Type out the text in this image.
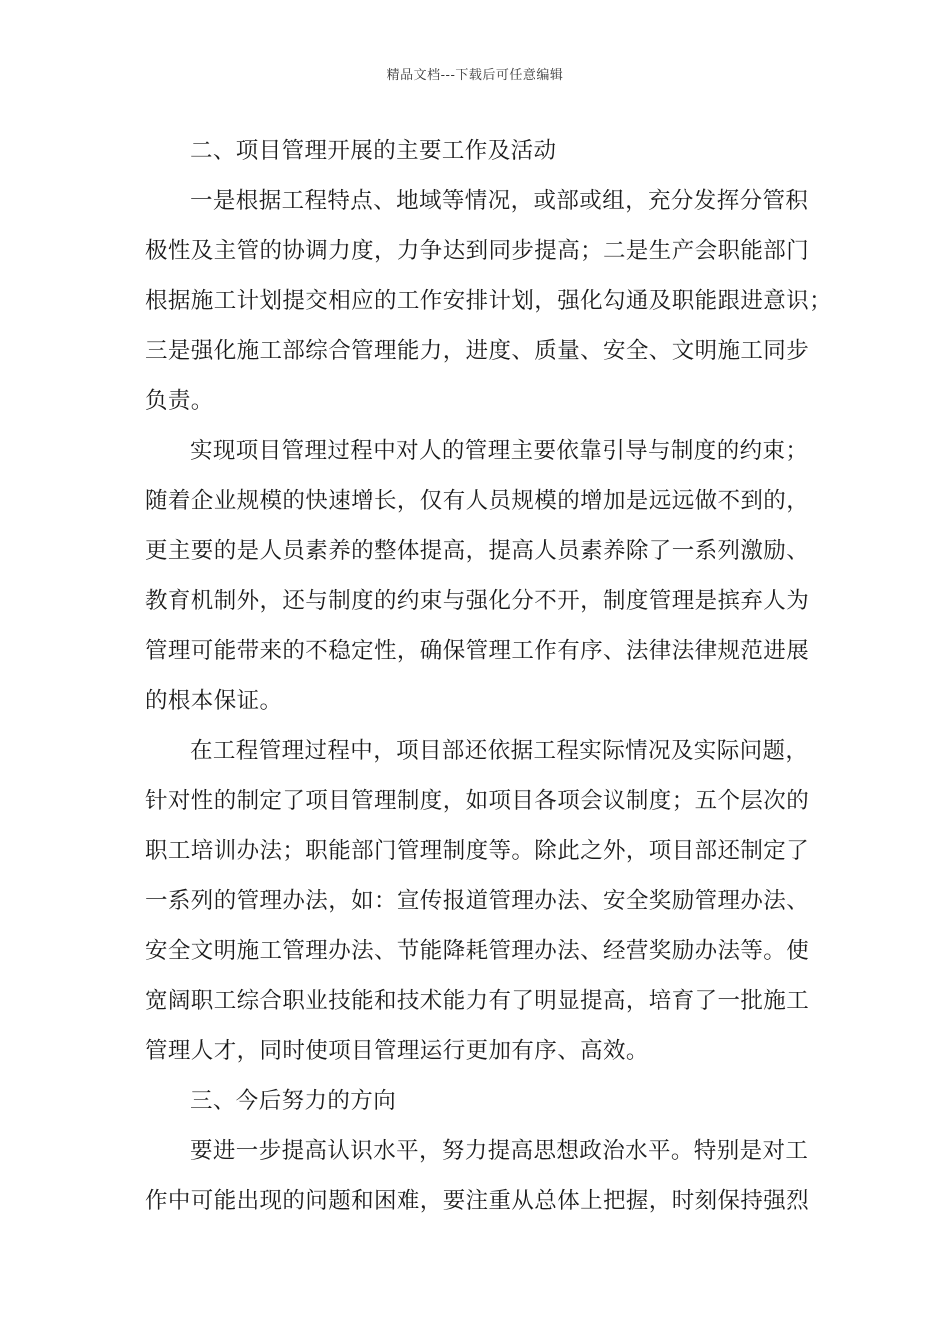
精品文档---下载后可任意编辑
二、项目管理开展的主要工作及活动
一是根据工程特点、地域等情况，或部或组，充分发挥分管积
极性及主管的协调力度，力争达到同步提高；二是生产会职能部门
根据施工计划提交相应的工作安排计划，强化勾通及职能跟进意识；
三是强化施工部综合管理能力，进度、质量、安全、文明施工同步
负责。
实现项目管理过程中对人的管理主要依靠引导与制度的约束；
随着企业规模的快速增长，仅有人员规模的增加是远远做不到的，
更主要的是人员素养的整体提高，提高人员素养除了一系列激励、
教育机制外，还与制度的约束与强化分不开，制度管理是摈弃人为
管理可能带来的不稳定性，确保管理工作有序、法律法律规范进展
的根本保证。
在工程管理过程中，项目部还依据工程实际情况及实际问题，
针对性的制定了项目管理制度，如项目各项会议制度；五个层次的
职工培训办法；职能部门管理制度等。除此之外，项目部还制定了
一系列的管理办法，如：宣传报道管理办法、安全奖励管理办法、
安全文明施工管理办法、节能降耗管理办法、经营奖励办法等。使
宽阔职工综合职业技能和技术能力有了明显提高，培育了一批施工
管理人才，同时使项目管理运行更加有序、高效。
三、今后努力的方向
要进一步提高认识水平，努力提高思想政治水平。特别是对工
作中可能出现的问题和困难，要注重从总体上把握，时刻保持强烈
